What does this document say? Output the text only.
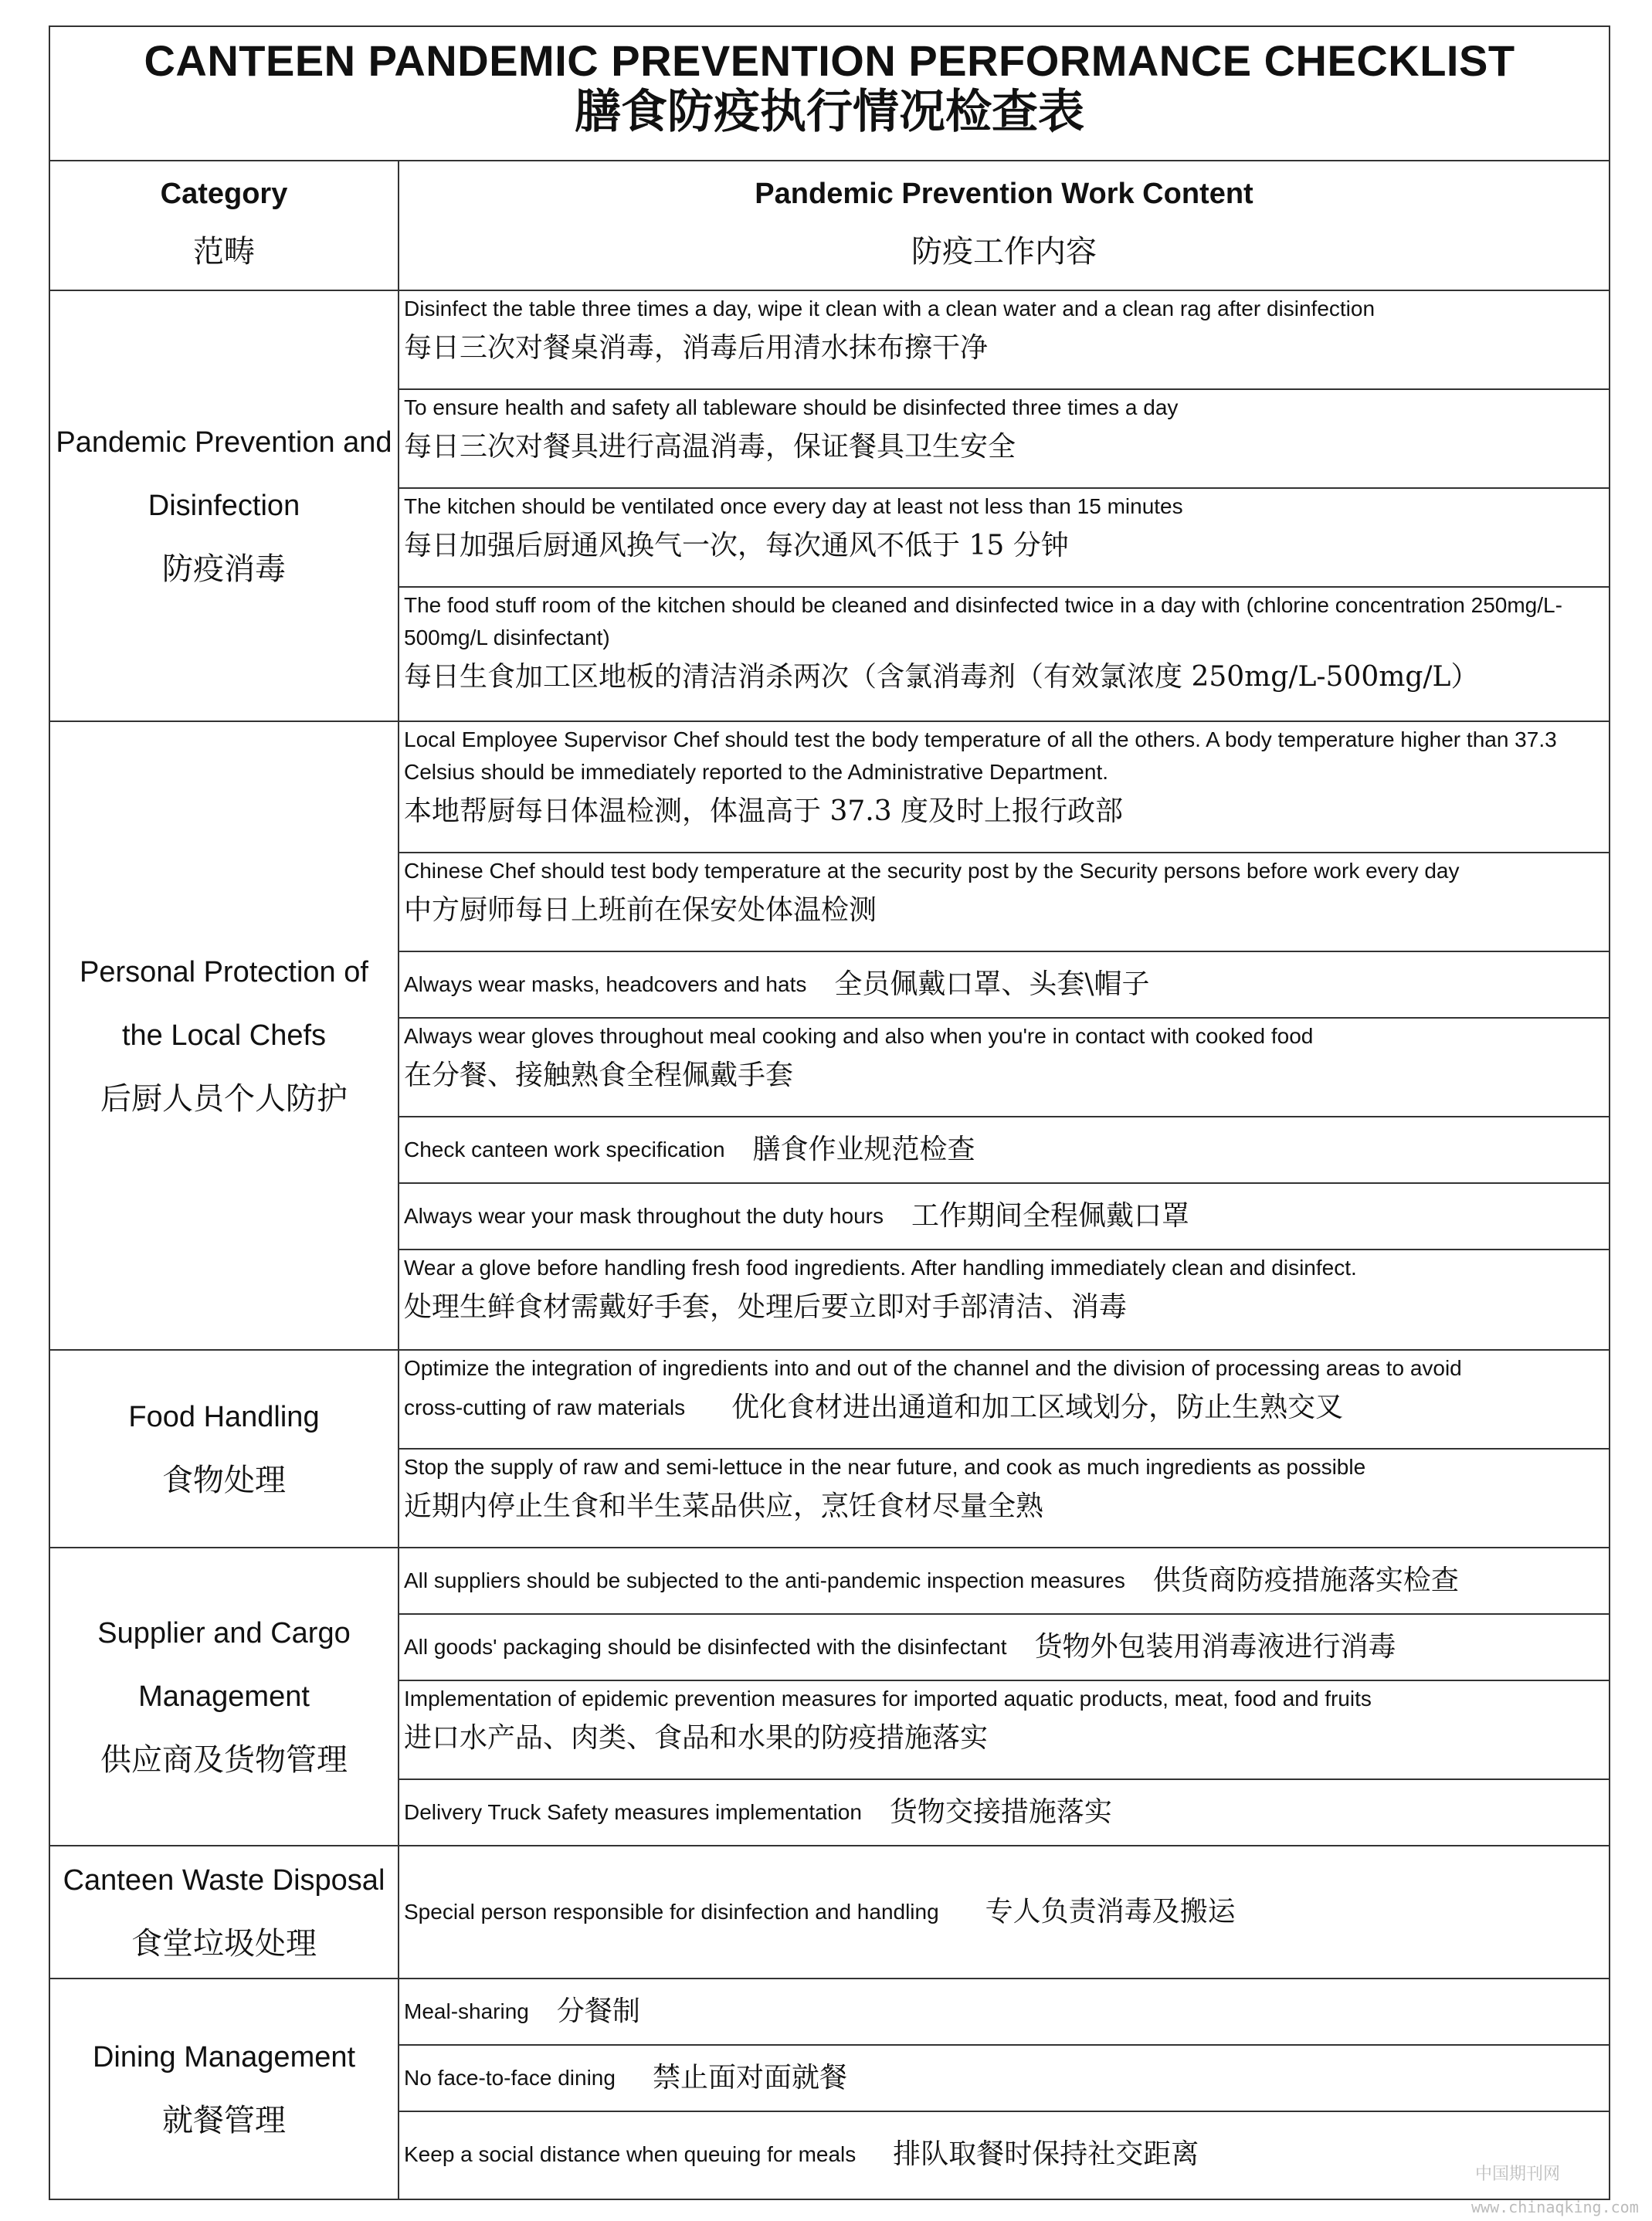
CANTEEN PANDEMIC PREVENTION PERFORMANCE CHECKLIST
膳食防疫执行情况检查表
Category
范畴
Pandemic Prevention Work Content
防疫工作内容
Pandemic Prevention and
Disinfection
防疫消毒
Disinfect the table three times a day, wipe it clean with a clean water and a clean rag after disinfection
每日三次对餐桌消毒，消毒后用清水抹布擦干净
To ensure health and safety all tableware should be disinfected three times a day
每日三次对餐具进行高温消毒，保证餐具卫生安全
The kitchen should be ventilated once every day at least not less than 15 minutes
每日加强后厨通风换气一次，每次通风不低于 15 分钟
The food stuff room of the kitchen should be cleaned and disinfected twice in a day with (chlorine concentration 250mg/L-500mg/L disinfectant)
每日生食加工区地板的清洁消杀两次（含氯消毒剂（有效氯浓度 250mg/L-500mg/L）
Personal Protection of
the Local Chefs
后厨人员个人防护
Local Employee Supervisor Chef should test the body temperature of all the others. A body temperature higher than 37.3 Celsius should be immediately reported to the Administrative Department.
本地帮厨每日体温检测，体温高于 37.3 度及时上报行政部
Chinese Chef should test body temperature at the security post by the Security persons before work every day
中方厨师每日上班前在保安处体温检测
Always wear masks, headcovers and hats 全员佩戴口罩、头套\帽子
Always wear gloves throughout meal cooking and also when you're in contact with cooked food
在分餐、接触熟食全程佩戴手套
Check canteen work specification 膳食作业规范检查
Always wear your mask throughout the duty hours 工作期间全程佩戴口罩
Wear a glove before handling fresh food ingredients. After handling immediately clean and disinfect.
处理生鲜食材需戴好手套，处理后要立即对手部清洁、消毒
Food Handling
食物处理
Optimize the integration of ingredients into and out of the channel and the division of processing areas to avoid
cross-cutting of raw materials 优化食材进出通道和加工区域划分，防止生熟交叉
Stop the supply of raw and semi-lettuce in the near future, and cook as much ingredients as possible
近期内停止生食和半生菜品供应，烹饪食材尽量全熟
Supplier and Cargo
Management
供应商及货物管理
All suppliers should be subjected to the anti-pandemic inspection measures 供货商防疫措施落实检查
All goods' packaging should be disinfected with the disinfectant 货物外包装用消毒液进行消毒
Implementation of epidemic prevention measures for imported aquatic products, meat, food and fruits
进口水产品、肉类、食品和水果的防疫措施落实
Delivery Truck Safety measures implementation 货物交接措施落实
Canteen Waste Disposal
食堂垃圾处理
Special person responsible for disinfection and handling 专人负责消毒及搬运
Dining Management
就餐管理
Meal-sharing 分餐制
No face-to-face dining 禁止面对面就餐
Keep a social distance when queuing for meals 排队取餐时保持社交距离
中国期刊网
www.chinaqking.com
